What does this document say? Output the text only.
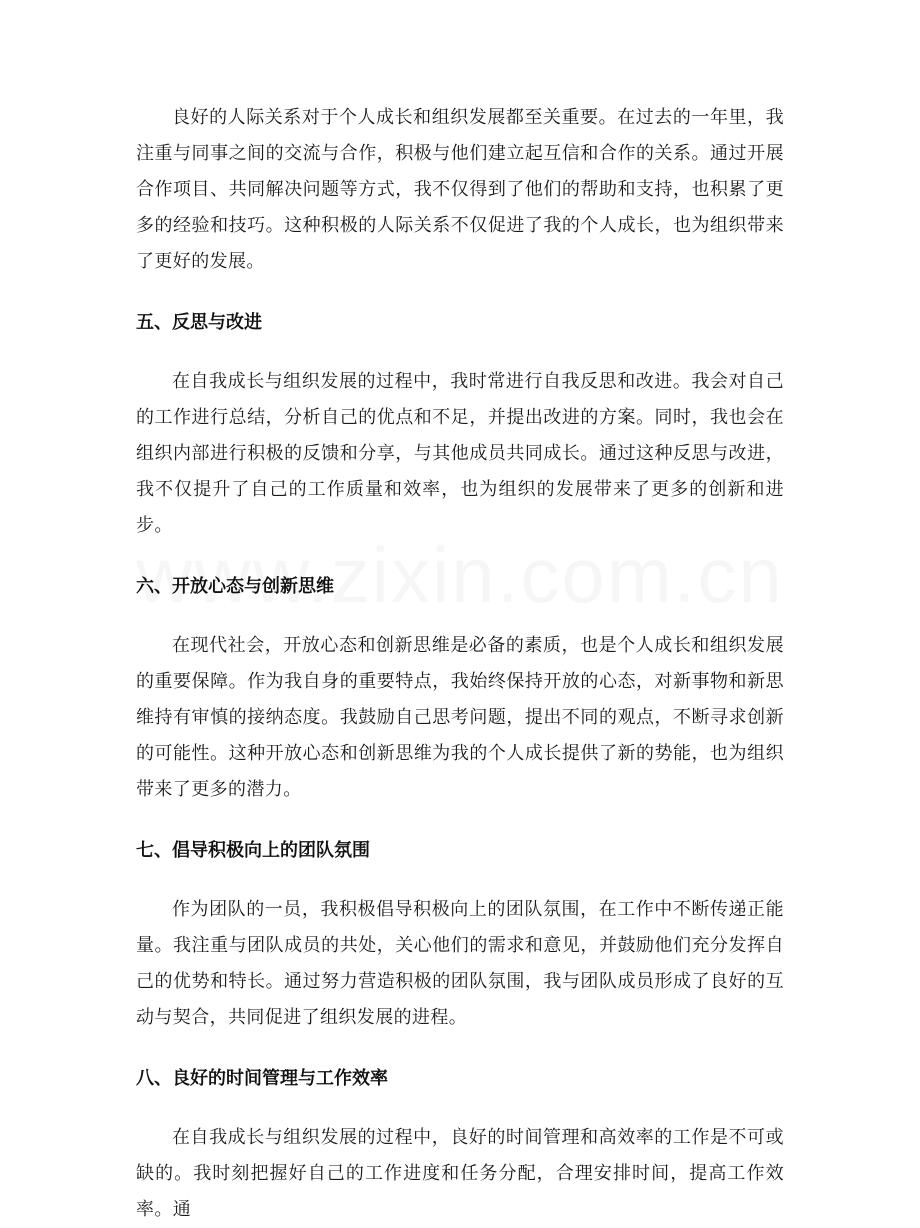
良好的人际关系对于个人成长和组织发展都至关重要。在过去的一年里，我注重与同事之间的交流与合作，积极与他们建立起互信和合作的关系。通过开展合作项目、共同解决问题等方式，我不仅得到了他们的帮助和支持，也积累了更多的经验和技巧。这种积极的人际关系不仅促进了我的个人成长，也为组织带来了更好的发展。

五、反思与改进

在自我成长与组织发展的过程中，我时常进行自我反思和改进。我会对自己的工作进行总结，分析自己的优点和不足，并提出改进的方案。同时，我也会在组织内部进行积极的反馈和分享，与其他成员共同成长。通过这种反思与改进，我不仅提升了自己的工作质量和效率，也为组织的发展带来了更多的创新和进步。

六、开放心态与创新思维

在现代社会，开放心态和创新思维是必备的素质，也是个人成长和组织发展的重要保障。作为我自身的重要特点，我始终保持开放的心态，对新事物和新思维持有审慎的接纳态度。我鼓励自己思考问题，提出不同的观点，不断寻求创新的可能性。这种开放心态和创新思维为我的个人成长提供了新的势能，也为组织带来了更多的潜力。

七、倡导积极向上的团队氛围

作为团队的一员，我积极倡导积极向上的团队氛围，在工作中不断传递正能量。我注重与团队成员的共处，关心他们的需求和意见，并鼓励他们充分发挥自己的优势和特长。通过努力营造积极的团队氛围，我与团队成员形成了良好的互动与契合，共同促进了组织发展的进程。

八、良好的时间管理与工作效率

在自我成长与组织发展的过程中，良好的时间管理和高效率的工作是不可或缺的。我时刻把握好自己的工作进度和任务分配，合理安排时间，提高工作效率。通
